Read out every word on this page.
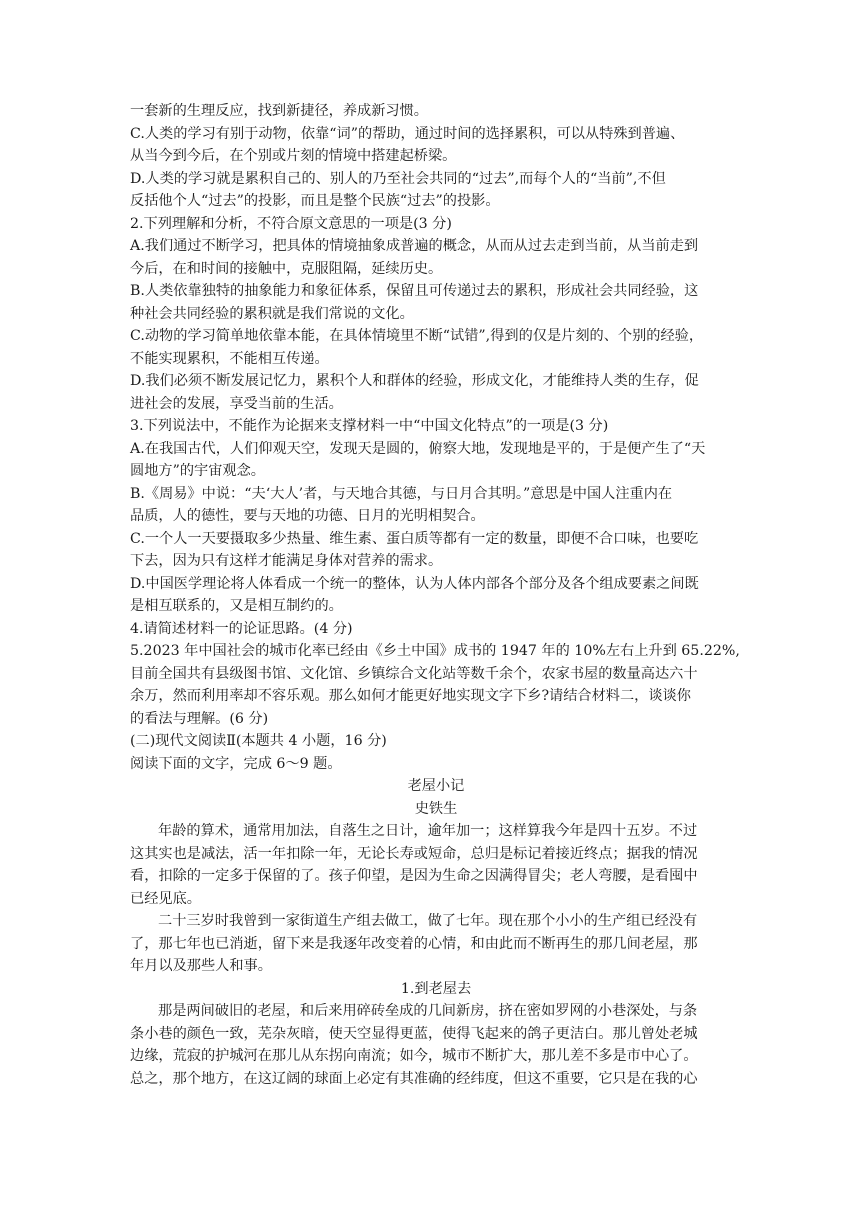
一套新的生理反应，找到新捷径，养成新习惯。
C.人类的学习有别于动物，依靠“词”的帮助，通过时间的选择累积，可以从特殊到普遍、
从当今到今后，在个别或片刻的情境中搭建起桥梁。
D.人类的学习就是累积自己的、别人的乃至社会共同的“过去”,而每个人的“当前”,不但
反括他个人“过去”的投影，而且是整个民族“过去”的投影。
2.下列理解和分析，不符合原文意思的一项是(3 分)
A.我们通过不断学习，把具体的情境抽象成普遍的概念，从而从过去走到当前，从当前走到
今后，在和时间的接触中，克服阻隔，延续历史。
B.人类依靠独特的抽象能力和象征体系，保留且可传递过去的累积，形成社会共同经验，这
种社会共同经验的累积就是我们常说的文化。
C.动物的学习简单地依靠本能，在具体情境里不断“试错”,得到的仅是片刻的、个别的经验，
不能实现累积，不能相互传递。
D.我们必须不断发展记忆力，累积个人和群体的经验，形成文化，才能维持人类的生存，促
进社会的发展，享受当前的生活。
3.下列说法中，不能作为论据来支撑材料一中“中国文化特点”的一项是(3 分)
A.在我国古代，人们仰观天空，发现天是圆的，俯察大地，发现地是平的，于是便产生了“天
圆地方”的宇宙观念。
B.《周易》中说：“夫‘大人’者，与天地合其德，与日月合其明。”意思是中国人注重内在
品质，人的德性，要与天地的功德、日月的光明相契合。
C.一个人一天要摄取多少热量、维生素、蛋白质等都有一定的数量，即便不合口味，也要吃
下去，因为只有这样才能满足身体对营养的需求。
D.中国医学理论将人体看成一个统一的整体，认为人体内部各个部分及各个组成要素之间既
是相互联系的，又是相互制约的。
4.请简述材料一的论证思路。(4 分)
5.2023 年中国社会的城市化率已经由《乡土中国》成书的 1947 年的 10%左右上升到 65.22%,
目前全国共有县级图书馆、文化馆、乡镇综合文化站等数千余个，农家书屋的数量高达六十
余万，然而利用率却不容乐观。那么如何才能更好地实现文字下乡?请结合材料二，谈谈你
的看法与理解。(6 分)
(二)现代文阅读Ⅱ(本题共 4 小题，16 分)
阅读下面的文字，完成 6～9 题。
老屋小记
史铁生
年龄的算术，通常用加法，自落生之日计，逾年加一；这样算我今年是四十五岁。不过
这其实也是减法，活一年扣除一年，无论长寿或短命，总归是标记着接近终点；据我的情况
看，扣除的一定多于保留的了。孩子仰望，是因为生命之因满得冒尖；老人弯腰，是看囤中
已经见底。
二十三岁时我曾到一家街道生产组去做工，做了七年。现在那个小小的生产组已经没有
了，那七年也已消逝，留下来是我逐年改变着的心情，和由此而不断再生的那几间老屋，那
年月以及那些人和事。
1.到老屋去
那是两间破旧的老屋，和后来用碎砖垒成的几间新房，挤在密如罗网的小巷深处，与条
条小巷的颜色一致，芜杂灰暗，使天空显得更蓝，使得飞起来的鸽子更洁白。那儿曾处老城
边缘，荒寂的护城河在那儿从东拐向南流；如今，城市不断扩大，那儿差不多是市中心了。
总之，那个地方，在这辽阔的球面上必定有其准确的经纬度，但这不重要，它只是在我的心
